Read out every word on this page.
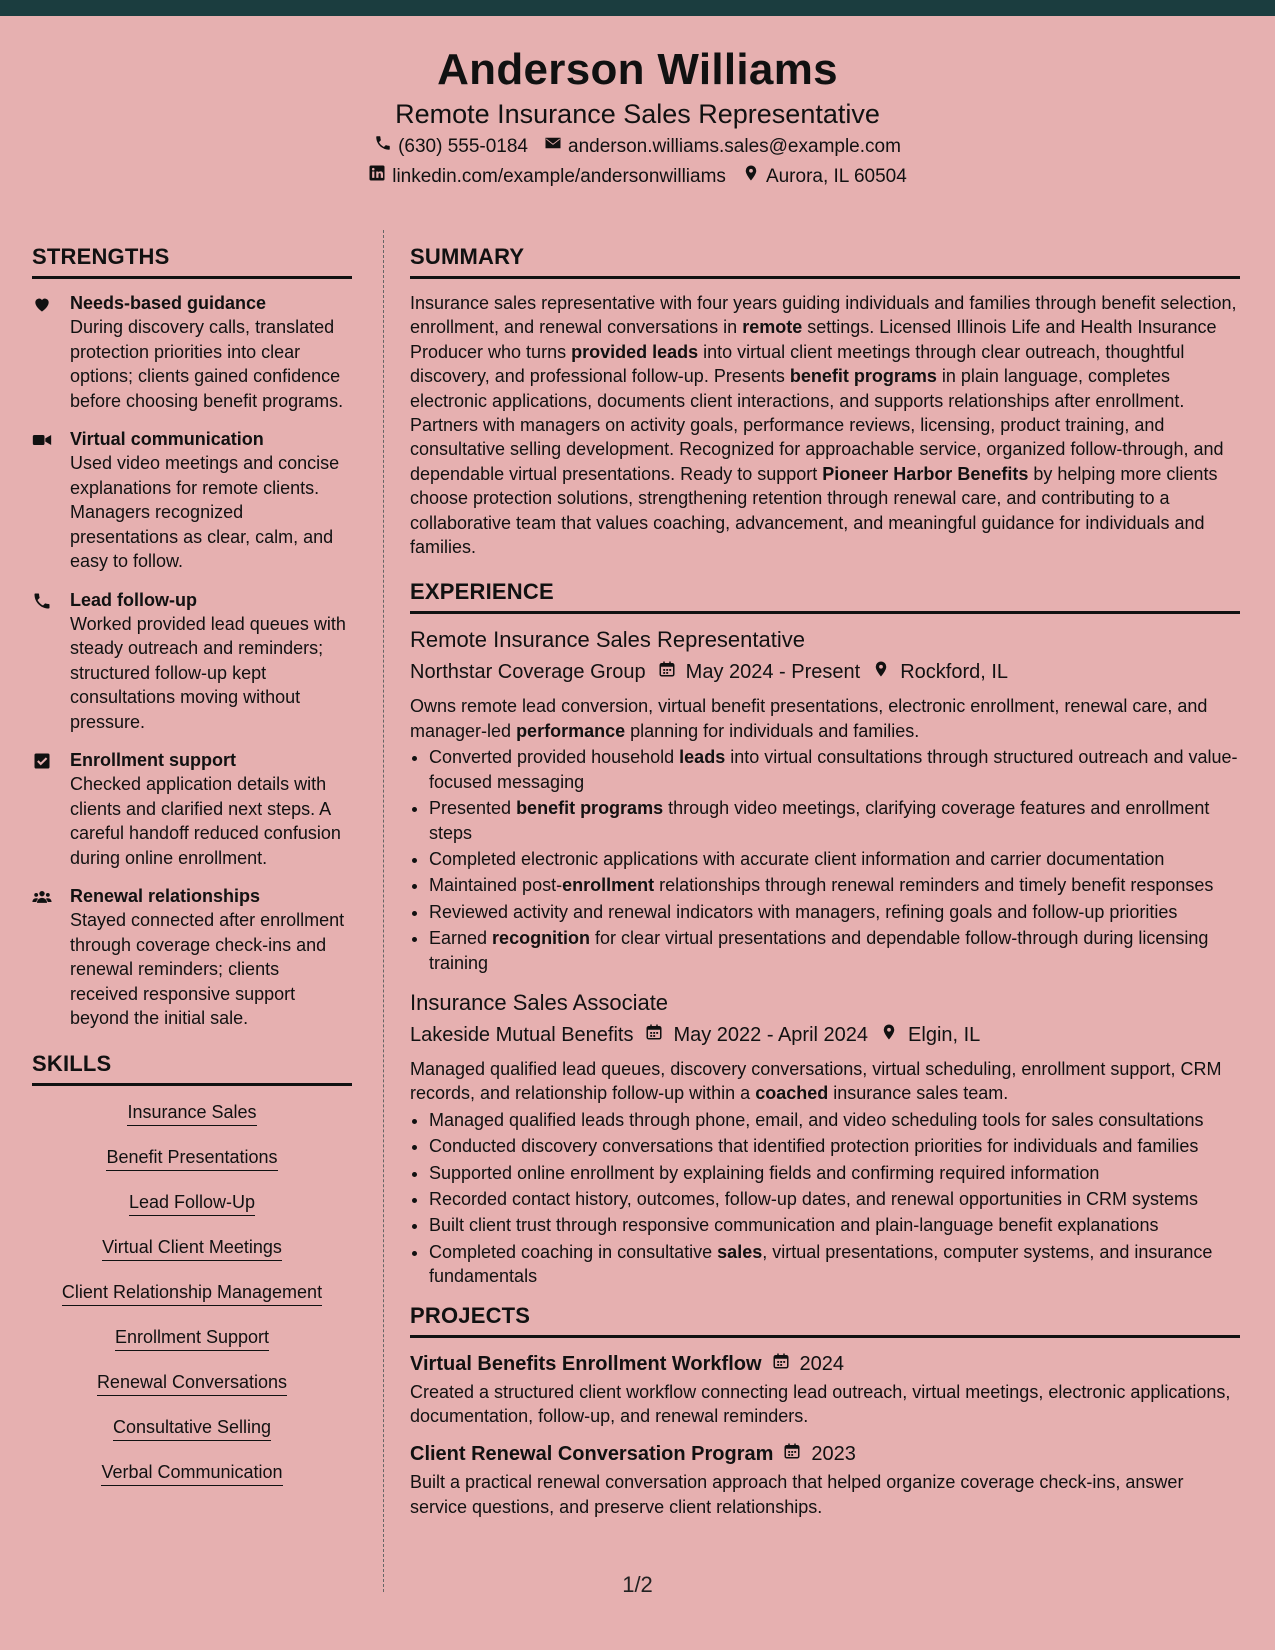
Anderson Williams
Remote Insurance Sales Representative
(630) 555-0184 anderson.williams.sales@example.com
linkedin.com/example/andersonwilliams Aurora, IL 60504
STRENGTHS
Needs-based guidance
During discovery calls, translated protection priorities into clear options; clients gained confidence before choosing benefit programs.
Virtual communication
Used video meetings and concise explanations for remote clients. Managers recognized presentations as clear, calm, and easy to follow.
Lead follow-up
Worked provided lead queues with steady outreach and reminders; structured follow-up kept consultations moving without pressure.
Enrollment support
Checked application details with clients and clarified next steps. A careful handoff reduced confusion during online enrollment.
Renewal relationships
Stayed connected after enrollment through coverage check-ins and renewal reminders; clients received responsive support beyond the initial sale.
SKILLS
Insurance Sales
Benefit Presentations
Lead Follow-Up
Virtual Client Meetings
Client Relationship Management
Enrollment Support
Renewal Conversations
Consultative Selling
Verbal Communication
SUMMARY
Insurance sales representative with four years guiding individuals and families through benefit selection, enrollment, and renewal conversations in remote settings. Licensed Illinois Life and Health Insurance Producer who turns provided leads into virtual client meetings through clear outreach, thoughtful discovery, and professional follow-up. Presents benefit programs in plain language, completes electronic applications, documents client interactions, and supports relationships after enrollment. Partners with managers on activity goals, performance reviews, licensing, product training, and consultative selling development. Recognized for approachable service, organized follow-through, and dependable virtual presentations. Ready to support Pioneer Harbor Benefits by helping more clients choose protection solutions, strengthening retention through renewal care, and contributing to a collaborative team that values coaching, advancement, and meaningful guidance for individuals and families.
EXPERIENCE
Remote Insurance Sales Representative
Northstar Coverage Group May 2024 - Present Rockford, IL
Owns remote lead conversion, virtual benefit presentations, electronic enrollment, renewal care, and manager-led performance planning for individuals and families.
• Converted provided household leads into virtual consultations through structured outreach and value-focused messaging
• Presented benefit programs through video meetings, clarifying coverage features and enrollment steps
• Completed electronic applications with accurate client information and carrier documentation
• Maintained post-enrollment relationships through renewal reminders and timely benefit responses
• Reviewed activity and renewal indicators with managers, refining goals and follow-up priorities
• Earned recognition for clear virtual presentations and dependable follow-through during licensing training
Insurance Sales Associate
Lakeside Mutual Benefits May 2022 - April 2024 Elgin, IL
Managed qualified lead queues, discovery conversations, virtual scheduling, enrollment support, CRM records, and relationship follow-up within a coached insurance sales team.
• Managed qualified leads through phone, email, and video scheduling tools for sales consultations
• Conducted discovery conversations that identified protection priorities for individuals and families
• Supported online enrollment by explaining fields and confirming required information
• Recorded contact history, outcomes, follow-up dates, and renewal opportunities in CRM systems
• Built client trust through responsive communication and plain-language benefit explanations
• Completed coaching in consultative sales, virtual presentations, computer systems, and insurance fundamentals
PROJECTS
Virtual Benefits Enrollment Workflow 2024
Created a structured client workflow connecting lead outreach, virtual meetings, electronic applications, documentation, follow-up, and renewal reminders.
Client Renewal Conversation Program 2023
Built a practical renewal conversation approach that helped organize coverage check-ins, answer service questions, and preserve client relationships.
1/2
